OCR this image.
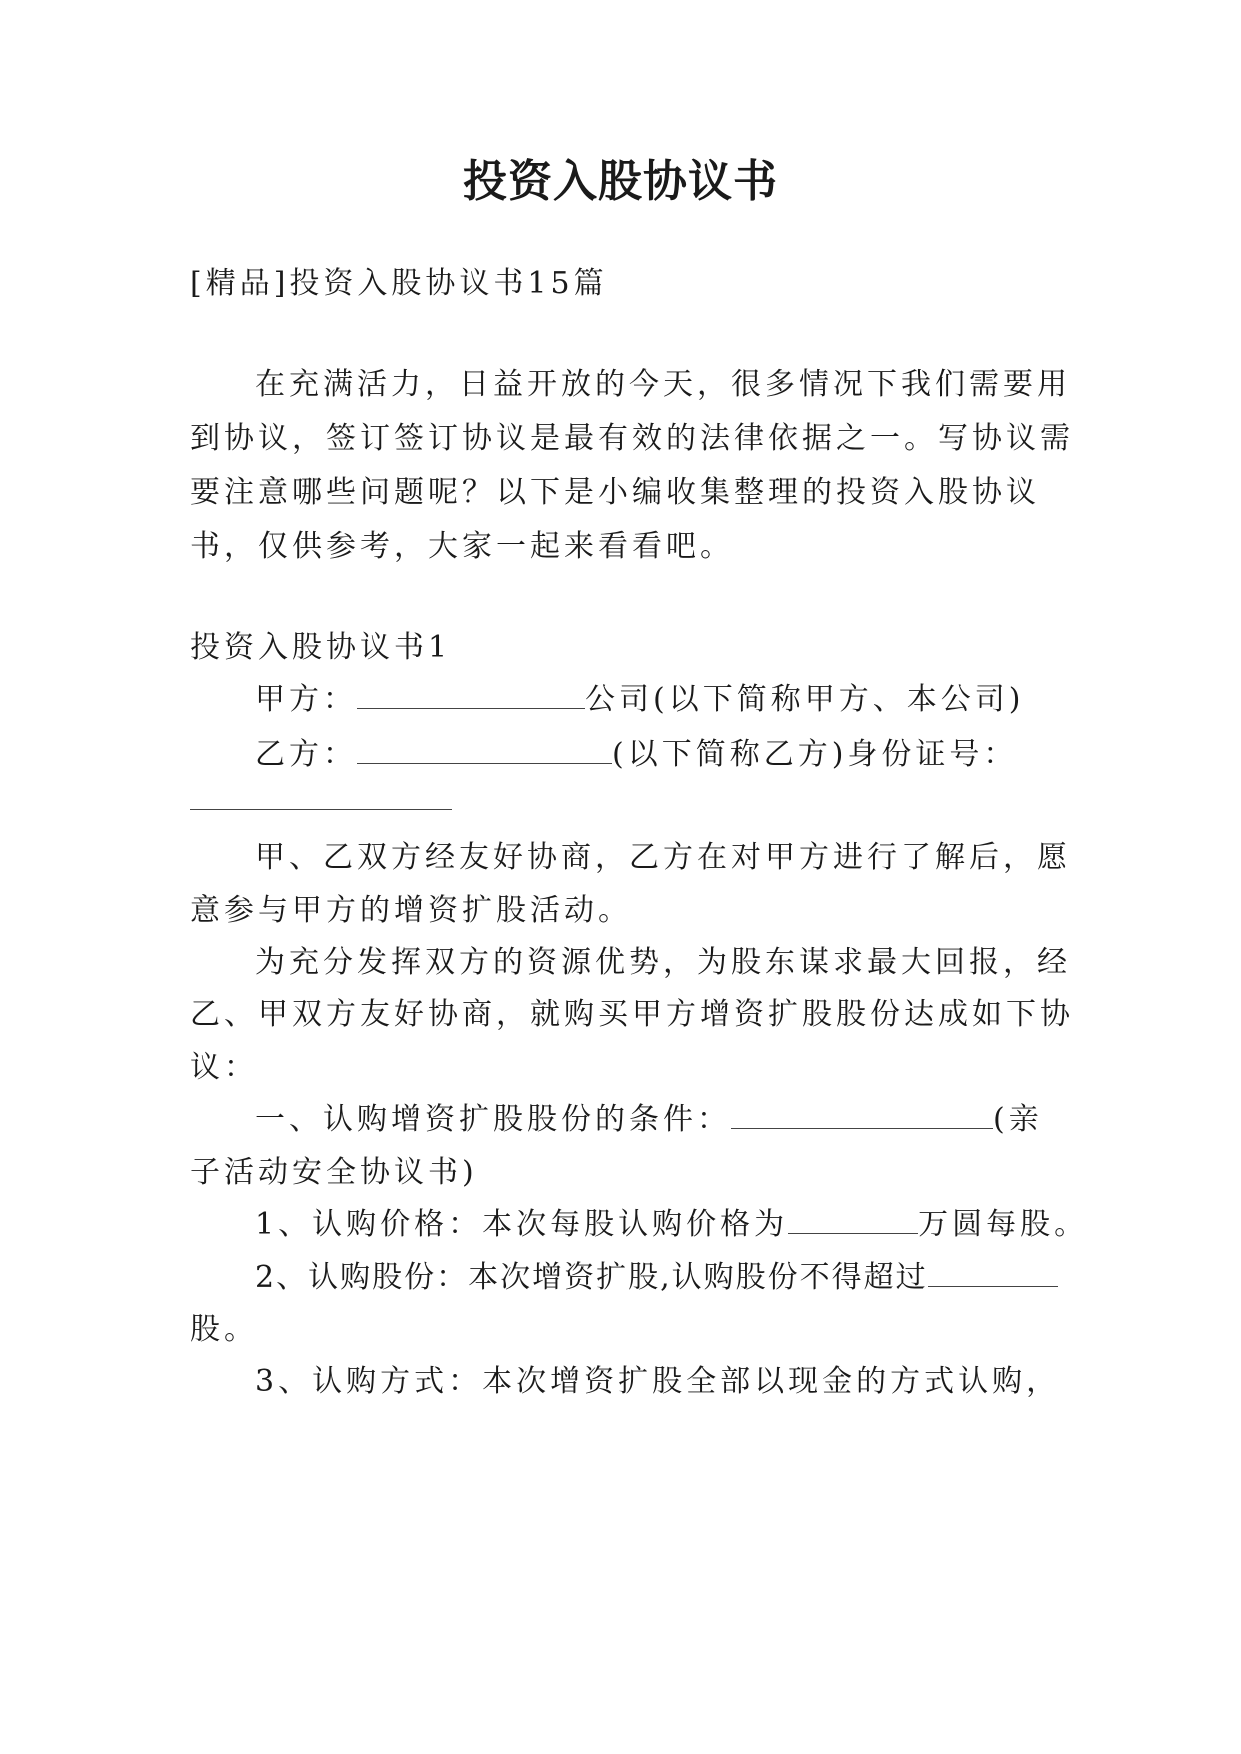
投资入股协议书
[精品]投资入股协议书15篇
在充满活力，日益开放的今天，很多情况下我们需要用
到协议，签订签订协议是最有效的法律依据之一。写协议需
要注意哪些问题呢？以下是小编收集整理的投资入股协议
书，仅供参考，大家一起来看看吧。
投资入股协议书1
甲方：	公司(以下简称甲方、本公司)
乙方：	(以下简称乙方)身份证号：
甲、乙双方经友好协商，乙方在对甲方进行了解后，愿
意参与甲方的增资扩股活动。
为充分发挥双方的资源优势，为股东谋求最大回报，经
乙、甲双方友好协商，就购买甲方增资扩股股份达成如下协
议：
一、认购增资扩股股份的条件：	(亲
子活动安全协议书)
1、认购价格：本次每股认购价格为	万圆每股。
2、认购股份：本次增资扩股,认购股份不得超过
股。
3、认购方式：本次增资扩股全部以现金的方式认购，
